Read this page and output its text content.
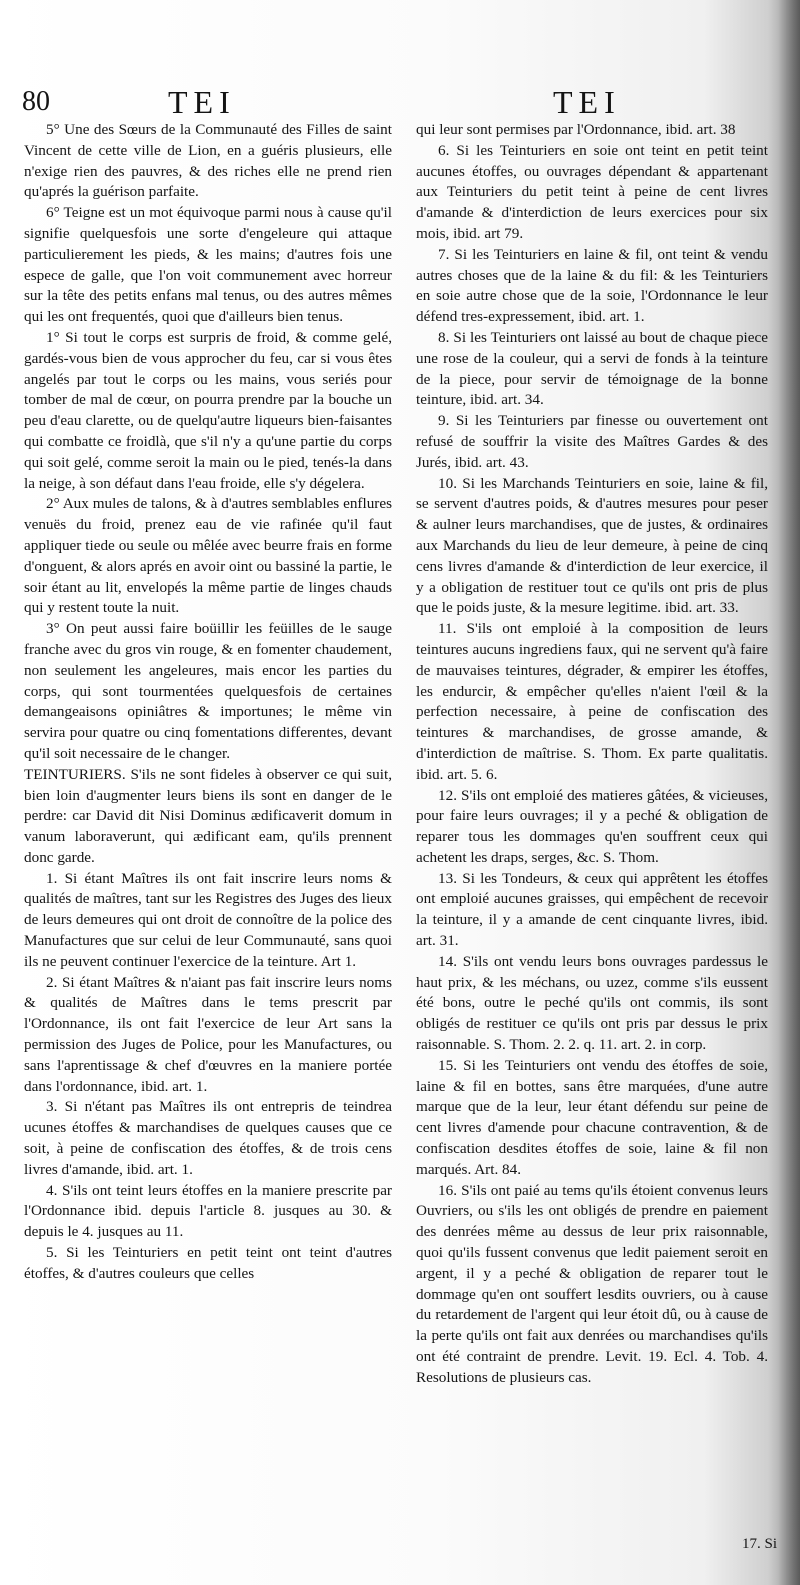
80	TEI	TEI

5° Une des Sœurs de la Communauté des Filles de saint Vincent de cette ville de Lion, en a guéris plusieurs, elle n'exige rien des pauvres, & des riches elle ne prend rien qu'aprés la guérison parfaite.

6° Teigne est un mot équivoque parmi nous à cause qu'il signifie quelquesfois une sorte d'engeleure qui attaque particulierement les pieds, & les mains; d'autres fois une espece de galle, que l'on voit communement avec horreur sur la tête des petits enfans mal tenus, ou des autres mêmes qui les ont frequentés, quoi que d'ailleurs bien tenus.

1° Si tout le corps est surpris de froid, & comme gelé, gardés-vous bien de vous approcher du feu, car si vous êtes angelés par tout le corps ou les mains, vous seriés pour tomber de mal de cœur, on pourra prendre par la bouche un peu d'eau clarette, ou de quelqu'autre liqueurs bien-faisantes qui combatte ce froidlà, que s'il n'y a qu'une partie du corps qui soit gelé, comme seroit la main ou le pied, tenés-la dans la neige, à son défaut dans l'eau froide, elle s'y dégelera.

2° Aux mules de talons, & à d'autres semblables enflures venuës du froid, prenez eau de vie rafinée qu'il faut appliquer tiede ou seule ou mêlée avec beurre frais en forme d'onguent, & alors aprés en avoir oint ou bassiné la partie, le soir étant au lit, envelopés la même partie de linges chauds qui y restent toute la nuit.

3° On peut aussi faire boüillir les feüilles de le sauge franche avec du gros vin rouge, & en fomenter chaudement, non seulement les angeleures, mais encor les parties du corps, qui sont tourmentées quelquesfois de certaines demangeaisons opiniâtres & importunes; le même vin servira pour quatre ou cinq fomentations differentes, devant qu'il soit necessaire de le changer.

TEINTURIERS. S'ils ne sont fideles à observer ce qui suit, bien loin d'augmenter leurs biens ils sont en danger de le perdre: car David dit Nisi Dominus ædificaverit domum in vanum laboraverunt, qui ædificant eam, qu'ils prennent donc garde.

1. Si étant Maîtres ils ont fait inscrire leurs noms & qualités de maîtres, tant sur les Registres des Juges des lieux de leurs demeures qui ont droit de connoître de la police des Manufactures que sur celui de leur Communauté, sans quoi ils ne peuvent continuer l'exercice de la teinture. Art 1.

2. Si étant Maîtres & n'aiant pas fait inscrire leurs noms & qualités de Maîtres dans le tems prescrit par l'Ordonnance, ils ont fait l'exercice de leur Art sans la permission des Juges de Police, pour les Manufactures, ou sans l'aprentissage & chef d'œuvres en la maniere portée dans l'ordonnance, ibid. art. 1.

3. Si n'étant pas Maîtres ils ont entrepris de teindrea ucunes étoffes & marchandises de quelques causes que ce soit, à peine de confiscation des étoffes, & de trois cens livres d'amande, ibid. art. 1.

4. S'ils ont teint leurs étoffes en la maniere prescrite par l'Ordonnance ibid. depuis l'article 8. jusques au 30. & depuis le 4. jusques au 11.

5. Si les Teinturiers en petit teint ont teint d'autres étoffes, & d'autres couleurs que celles

qui leur sont permises par l'Ordonnance, ibid. art. 38

6. Si les Teinturiers en soie ont teint en petit teint aucunes étoffes, ou ouvrages dépendant & appartenant aux Teinturiers du petit teint à peine de cent livres d'amande & d'interdiction de leurs exercices pour six mois, ibid. art 79.

7. Si les Teinturiers en laine & fil, ont teint & vendu autres choses que de la laine & du fil: & les Teinturiers en soie autre chose que de la soie, l'Ordonnance le leur défend tres-expressement, ibid. art. 1.

8. Si les Teinturiers ont laissé au bout de chaque piece une rose de la couleur, qui a servi de fonds à la teinture de la piece, pour servir de témoignage de la bonne teinture, ibid. art. 34.

9. Si les Teinturiers par finesse ou ouvertement ont refusé de souffrir la visite des Maîtres Gardes & des Jurés, ibid. art. 43.

10. Si les Marchands Teinturiers en soie, laine & fil, se servent d'autres poids, & d'autres mesures pour peser & aulner leurs marchandises, que de justes, & ordinaires aux Marchands du lieu de leur demeure, à peine de cinq cens livres d'amande & d'interdiction de leur exercice, il y a obligation de restituer tout ce qu'ils ont pris de plus que le poids juste, & la mesure legitime. ibid. art. 33.

11. S'ils ont emploié à la composition de leurs teintures aucuns ingrediens faux, qui ne servent qu'à faire de mauvaises teintures, dégrader, & empirer les étoffes, les endurcir, & empêcher qu'elles n'aient l'œil & la perfection necessaire, à peine de confiscation des teintures & marchandises, de grosse amande, & d'interdiction de maîtrise. S. Thom. Ex parte qualitatis. ibid. art. 5. 6.

12. S'ils ont emploié des matieres gâtées, & vicieuses, pour faire leurs ouvrages; il y a peché & obligation de reparer tous les dommages qu'en souffrent ceux qui achetent les draps, serges, &c. S. Thom.

13. Si les Tondeurs, & ceux qui apprêtent les étoffes ont emploié aucunes graisses, qui empêchent de recevoir la teinture, il y a amande de cent cinquante livres, ibid. art. 31.

14. S'ils ont vendu leurs bons ouvrages pardessus le haut prix, & les méchans, ou uzez, comme s'ils eussent été bons, outre le peché qu'ils ont commis, ils sont obligés de restituer ce qu'ils ont pris par dessus le prix raisonnable. S. Thom. 2. 2. q. 11. art. 2. in corp.

15. Si les Teinturiers ont vendu des étoffes de soie, laine & fil en bottes, sans être marquées, d'une autre marque que de la leur, leur étant défendu sur peine de cent livres d'amende pour chacune contravention, & de confiscation desdites étoffes de soie, laine & fil non marqués. Art. 84.

16. S'ils ont paié au tems qu'ils étoient convenus leurs Ouvriers, ou s'ils les ont obligés de prendre en paiement des denrées même au dessus de leur prix raisonnable, quoi qu'ils fussent convenus que ledit paiement seroit en argent, il y a peché & obligation de reparer tout le dommage qu'en ont souffert lesdits ouvriers, ou à cause du retardement de l'argent qui leur étoit dû, ou à cause de la perte qu'ils ont fait aux denrées ou marchandises qu'ils ont été contraint de prendre. Levit. 19. Ecl. 4. Tob. 4. Resolutions de plusieurs cas.

17. Si
